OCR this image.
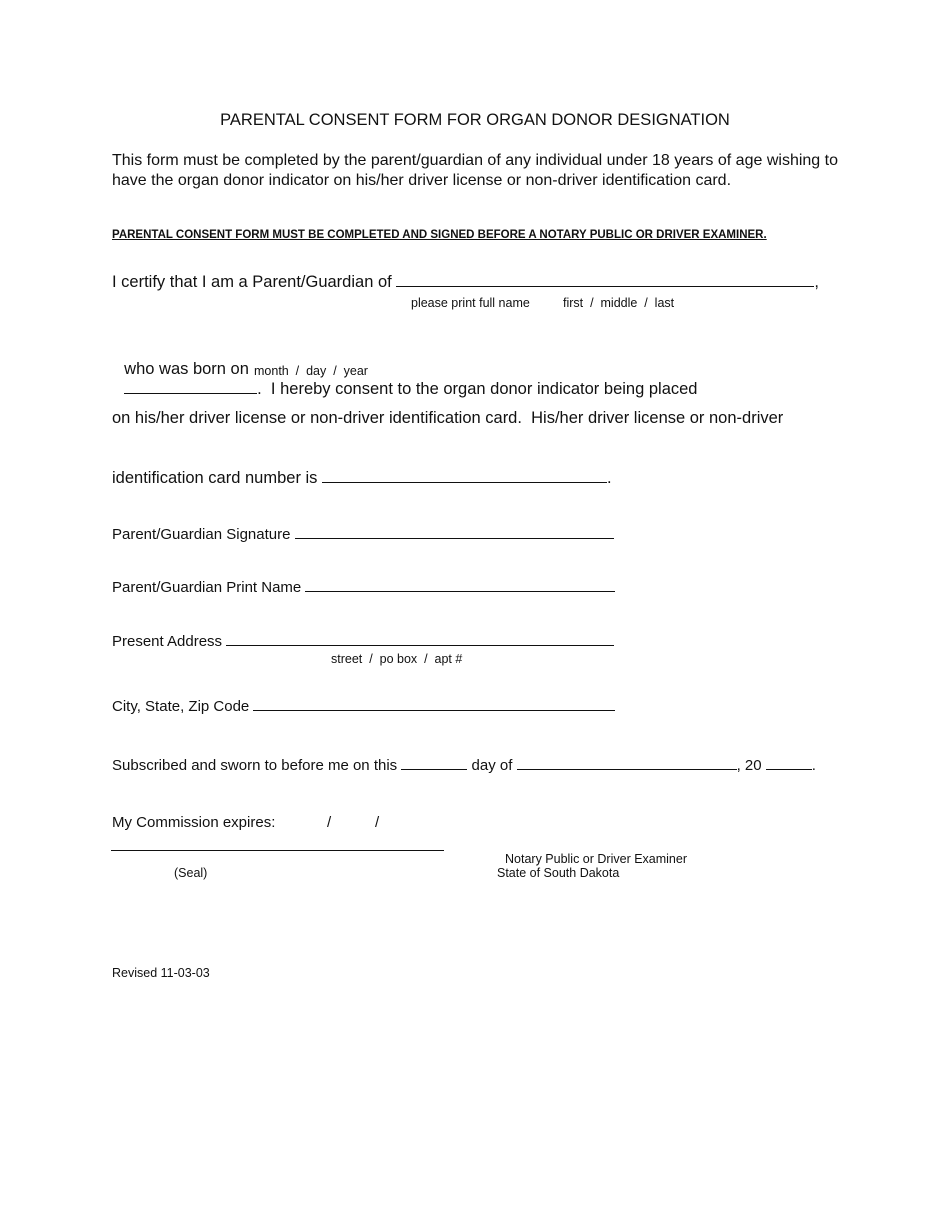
PARENTAL CONSENT FORM FOR ORGAN DONOR DESIGNATION
This form must be completed by the parent/guardian of any individual under 18 years of age wishing to have the organ donor indicator on his/her driver license or non-driver identification card.
PARENTAL CONSENT FORM MUST BE COMPLETED AND SIGNED BEFORE A NOTARY PUBLIC OR DRIVER EXAMINER.
I certify that I am a Parent/Guardian of	,
please print full name	first  /  middle  /  last

who was born on
.  I hereby consent to the organ donor indicator being placed

month  /  day  /  year
on his/her driver license or non-driver identification card.  His/her driver license or non-driver
identification card number is	.
Parent/Guardian Signature
Parent/Guardian Print Name
Present Address
street  /  po box  /  apt #
City, State, Zip Code
Subscribed and sworn to before me on this	day of	, 20	.
My Commission expires:	/	/
(Seal)
Notary Public or Driver Examiner
State of South Dakota
Revised 11-03-03
